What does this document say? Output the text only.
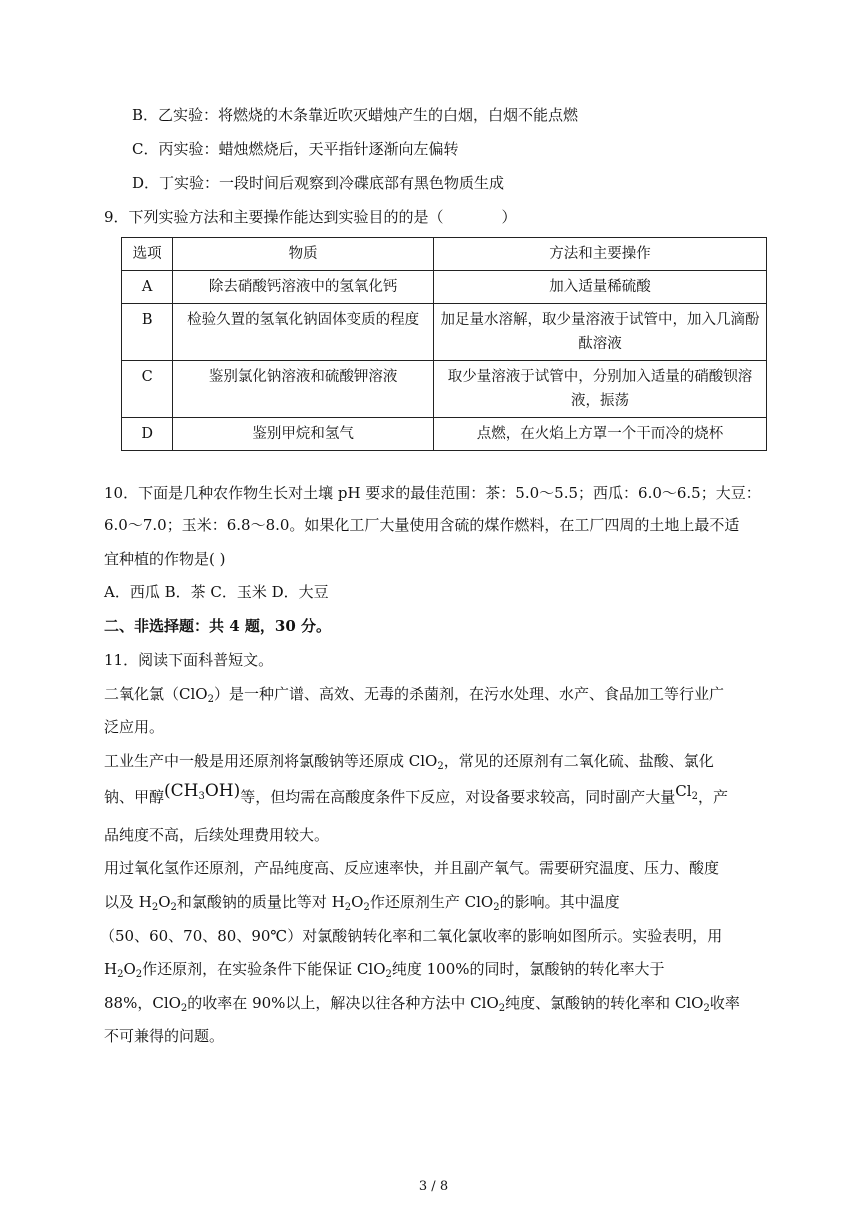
B．乙实验：将燃烧的木条靠近吹灭蜡烛产生的白烟，白烟不能点燃
C．丙实验：蜡烛燃烧后，天平指针逐渐向左偏转
D．丁实验：一段时间后观察到冷碟底部有黑色物质生成
9．下列实验方法和主要操作能达到实验目的的是（	）
选项	物质	方法和主要操作
A	除去硝酸钙溶液中的氢氧化钙	加入适量稀硫酸
B	检验久置的氢氧化钠固体变质的程度	加足量水溶解，取少量溶液于试管中，加入几滴酚酞溶液
C	鉴别氯化钠溶液和硫酸钾溶液	取少量溶液于试管中，分别加入适量的硝酸钡溶液，振荡
D	鉴别甲烷和氢气	点燃，在火焰上方罩一个干而冷的烧杯
10．下面是几种农作物生长对土壤 pH 要求的最佳范围：茶：5.0～5.5；西瓜：6.0～6.5；大豆：
6.0～7.0；玉米：6.8～8.0。如果化工厂大量使用含硫的煤作燃料，在工厂四周的土地上最不适
宜种植的作物是( )
A．西瓜 B．茶 C．玉米 D．大豆
二、非选择题：共 4 题，30 分。
11．阅读下面科普短文。
二氧化氯（ClO$_2$）是一种广谱、高效、无毒的杀菌剂，在污水处理、水产、食品加工等行业广
泛应用。
工业生产中一般是用还原剂将氯酸钠等还原成 ClO$_2$，常见的还原剂有二氧化硫、盐酸、氯化
钠、甲醇$(CH_3OH)$等，但均需在高酸度条件下反应，对设备要求较高，同时副产大量$Cl_2$，产
品纯度不高，后续处理费用较大。
用过氧化氢作还原剂，产品纯度高、反应速率快，并且副产氧气。需要研究温度、压力、酸度
以及 $H_2O_2$和氯酸钠的质量比等对 $H_2O_2$作还原剂生产 ClO$_2$的影响。其中温度
（50、60、70、80、90℃）对氯酸钠转化率和二氧化氯收率的影响如图所示。实验表明，用
$H_2O_2$作还原剂，在实验条件下能保证 ClO$_2$纯度 100%的同时，氯酸钠的转化率大于
88%，ClO$_2$的收率在 90%以上，解决以往各种方法中 ClO$_2$纯度、氯酸钠的转化率和 ClO$_2$收率
不可兼得的问题。
3 / 8
